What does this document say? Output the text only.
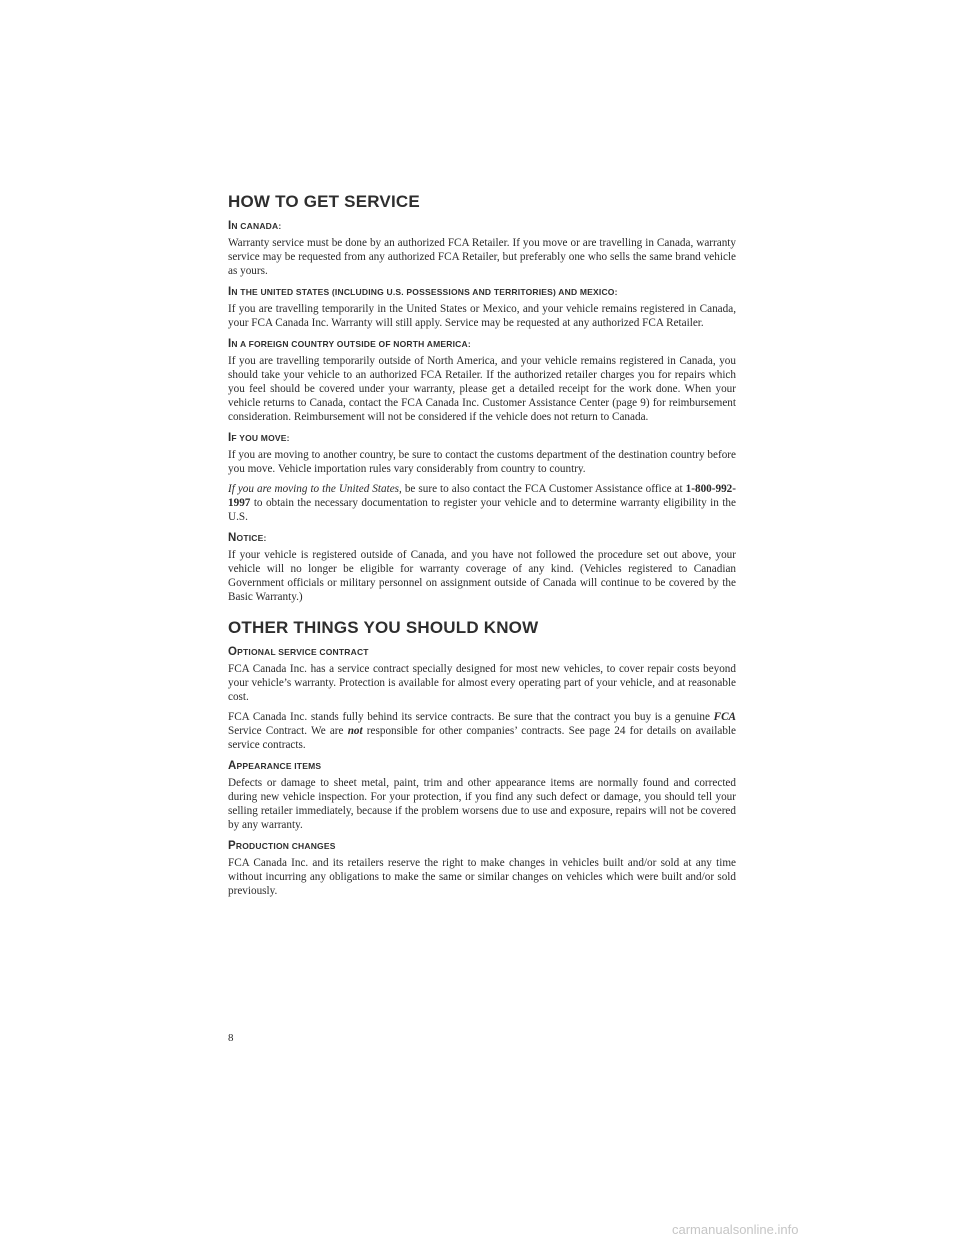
HOW TO GET SERVICE
IN CANADA:

Warranty service must be done by an authorized FCA Retailer. If you move or are travelling in Canada, warranty service may be requested from any authorized FCA Retailer, but preferably one who sells the same brand vehicle as yours.

IN THE UNITED STATES (INCLUDING U.S. POSSESSIONS AND TERRITORIES) AND MEXICO:

If you are travelling temporarily in the United States or Mexico, and your vehicle remains registered in Canada, your FCA Canada Inc. Warranty will still apply. Service may be requested at any authorized FCA Retailer.

IN A FOREIGN COUNTRY OUTSIDE OF NORTH AMERICA:

If you are travelling temporarily outside of North America, and your vehicle remains registered in Canada, you should take your vehicle to an authorized FCA Retailer. If the authorized retailer charges you for repairs which you feel should be covered under your warranty, please get a detailed receipt for the work done. When your vehicle returns to Canada, contact the FCA Canada Inc. Customer Assistance Center (page 9) for reimbursement consideration. Reimbursement will not be considered if the vehicle does not return to Canada.

IF YOU MOVE:

If you are moving to another country, be sure to contact the customs department of the destination country before you move. Vehicle importation rules vary considerably from country to country.

If you are moving to the United States, be sure to also contact the FCA Customer Assistance office at 1-800-992-1997 to obtain the necessary documentation to register your vehicle and to determine warranty eligibility in the U.S.

NOTICE:

If your vehicle is registered outside of Canada, and you have not followed the procedure set out above, your vehicle will no longer be eligible for warranty coverage of any kind. (Vehicles registered to Canadian Government officials or military personnel on assignment outside of Canada will continue to be covered by the Basic Warranty.)

OTHER THINGS YOU SHOULD KNOW
OPTIONAL SERVICE CONTRACT

FCA Canada Inc. has a service contract specially designed for most new vehicles, to cover repair costs beyond your vehicle’s warranty. Protection is available for almost every operating part of your vehicle, and at reasonable cost.

FCA Canada Inc. stands fully behind its service contracts. Be sure that the contract you buy is a genuine FCA Service Contract. We are not responsible for other companies’ contracts. See page 24 for details on available service contracts.

APPEARANCE ITEMS

Defects or damage to sheet metal, paint, trim and other appearance items are normally found and corrected during new vehicle inspection. For your protection, if you find any such defect or damage, you should tell your selling retailer immediately, because if the problem worsens due to use and exposure, repairs will not be covered by any warranty.

PRODUCTION CHANGES

FCA Canada Inc. and its retailers reserve the right to make changes in vehicles built and/or sold at any time without incurring any obligations to make the same or similar changes on vehicles which were built and/or sold previously.

8
carmanualsonline.info
